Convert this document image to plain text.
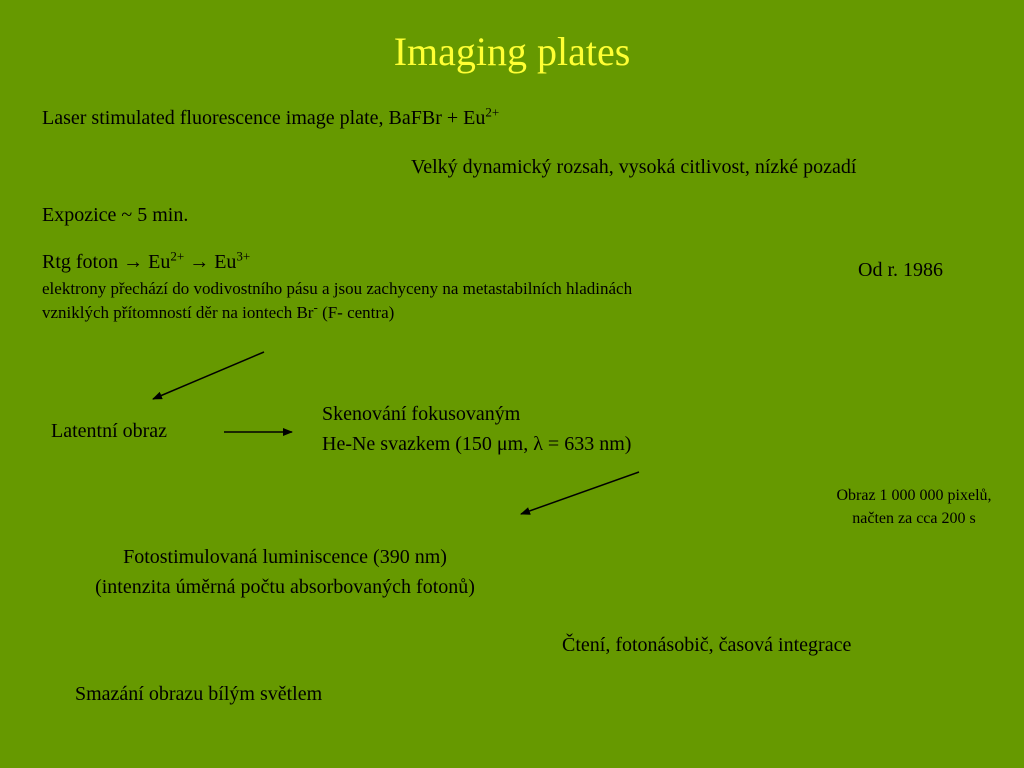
Imaging plates
Laser stimulated fluorescence image plate, BaFBr + $Eu^{2+}$
Velký dynamický rozsah, vysoká citlivost, nízké pozadí
Expozice ~ 5 min.
Rtg foton → $Eu^{2+} \to Eu^{3+}$
elektrony přechází do vodivostního pásu a jsou zachyceny na metastabilních hladinách
vzniklých přítomností děr na iontech Br- (F- centra)
Od r. 1986
Latentní obraz
Skenování fokusovaným
He-Ne svazkem (150 μm, λ = 633 nm)
Obraz 1 000 000 pixelů,
načten za cca 200 s
Fotostimulovaná luminiscence (390 nm)
(intenzita úměrná počtu absorbovaných fotonů)
Čtení, fotonásobič, časová integrace
Smazání obrazu bílým světlem
